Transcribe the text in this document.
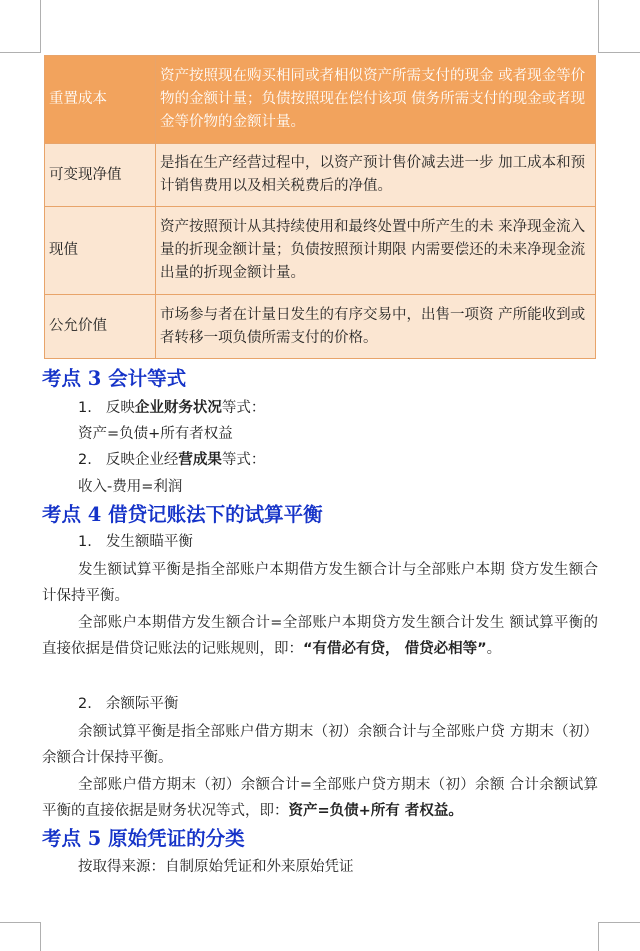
重置成本	资产按照现在购买相同或者相似资产所需支付的现金 或者现金等价物的金额计量；负债按照现在偿付该项 债务所需支付的现金或者现金等价物的金额计量。
可变现净值	是指在生产经营过程中，以资产预计售价减去进一步 加工成本和预计销售费用以及相关税费后的净值。
现值	资产按照预计从其持续使用和最终处置中所产生的未 来净现金流入量的折现金额计量；负债按照预计期限 内需要偿还的未来净现金流出量的折现金额计量。
公允价值	市场参与者在计量日发生的有序交易中，出售一项资 产所能收到或者转移一项负债所需支付的价格。
考点 3 会计等式
1. 反映企业财务状况等式：
资产=负债+所有者权益
2. 反映企业经营成果等式：
收入-费用=利润
考点 4 借贷记账法下的试算平衡
1. 发生额瞄平衡
发生额试算平衡是指全部账户本期借方发生额合计与全部账户本期 贷方发生额合计保持平衡。
全部账户本期借方发生额合计=全部账户本期贷方发生额合计发生 额试算平衡的直接依据是借贷记账法的记账规则，即：“有借必有贷， 借贷必相等”。
2. 余额际平衡
余额试算平衡是指全部账户借方期末（初）余额合计与全部账户贷 方期末（初）余额合计保持平衡。
全部账户借方期末（初）余额合计=全部账户贷方期末（初）余额 合计余额试算平衡的直接依据是财务状况等式，即：资产=负债+所有 者权益。
考点 5 原始凭证的分类
按取得来源：自制原始凭证和外来原始凭证
